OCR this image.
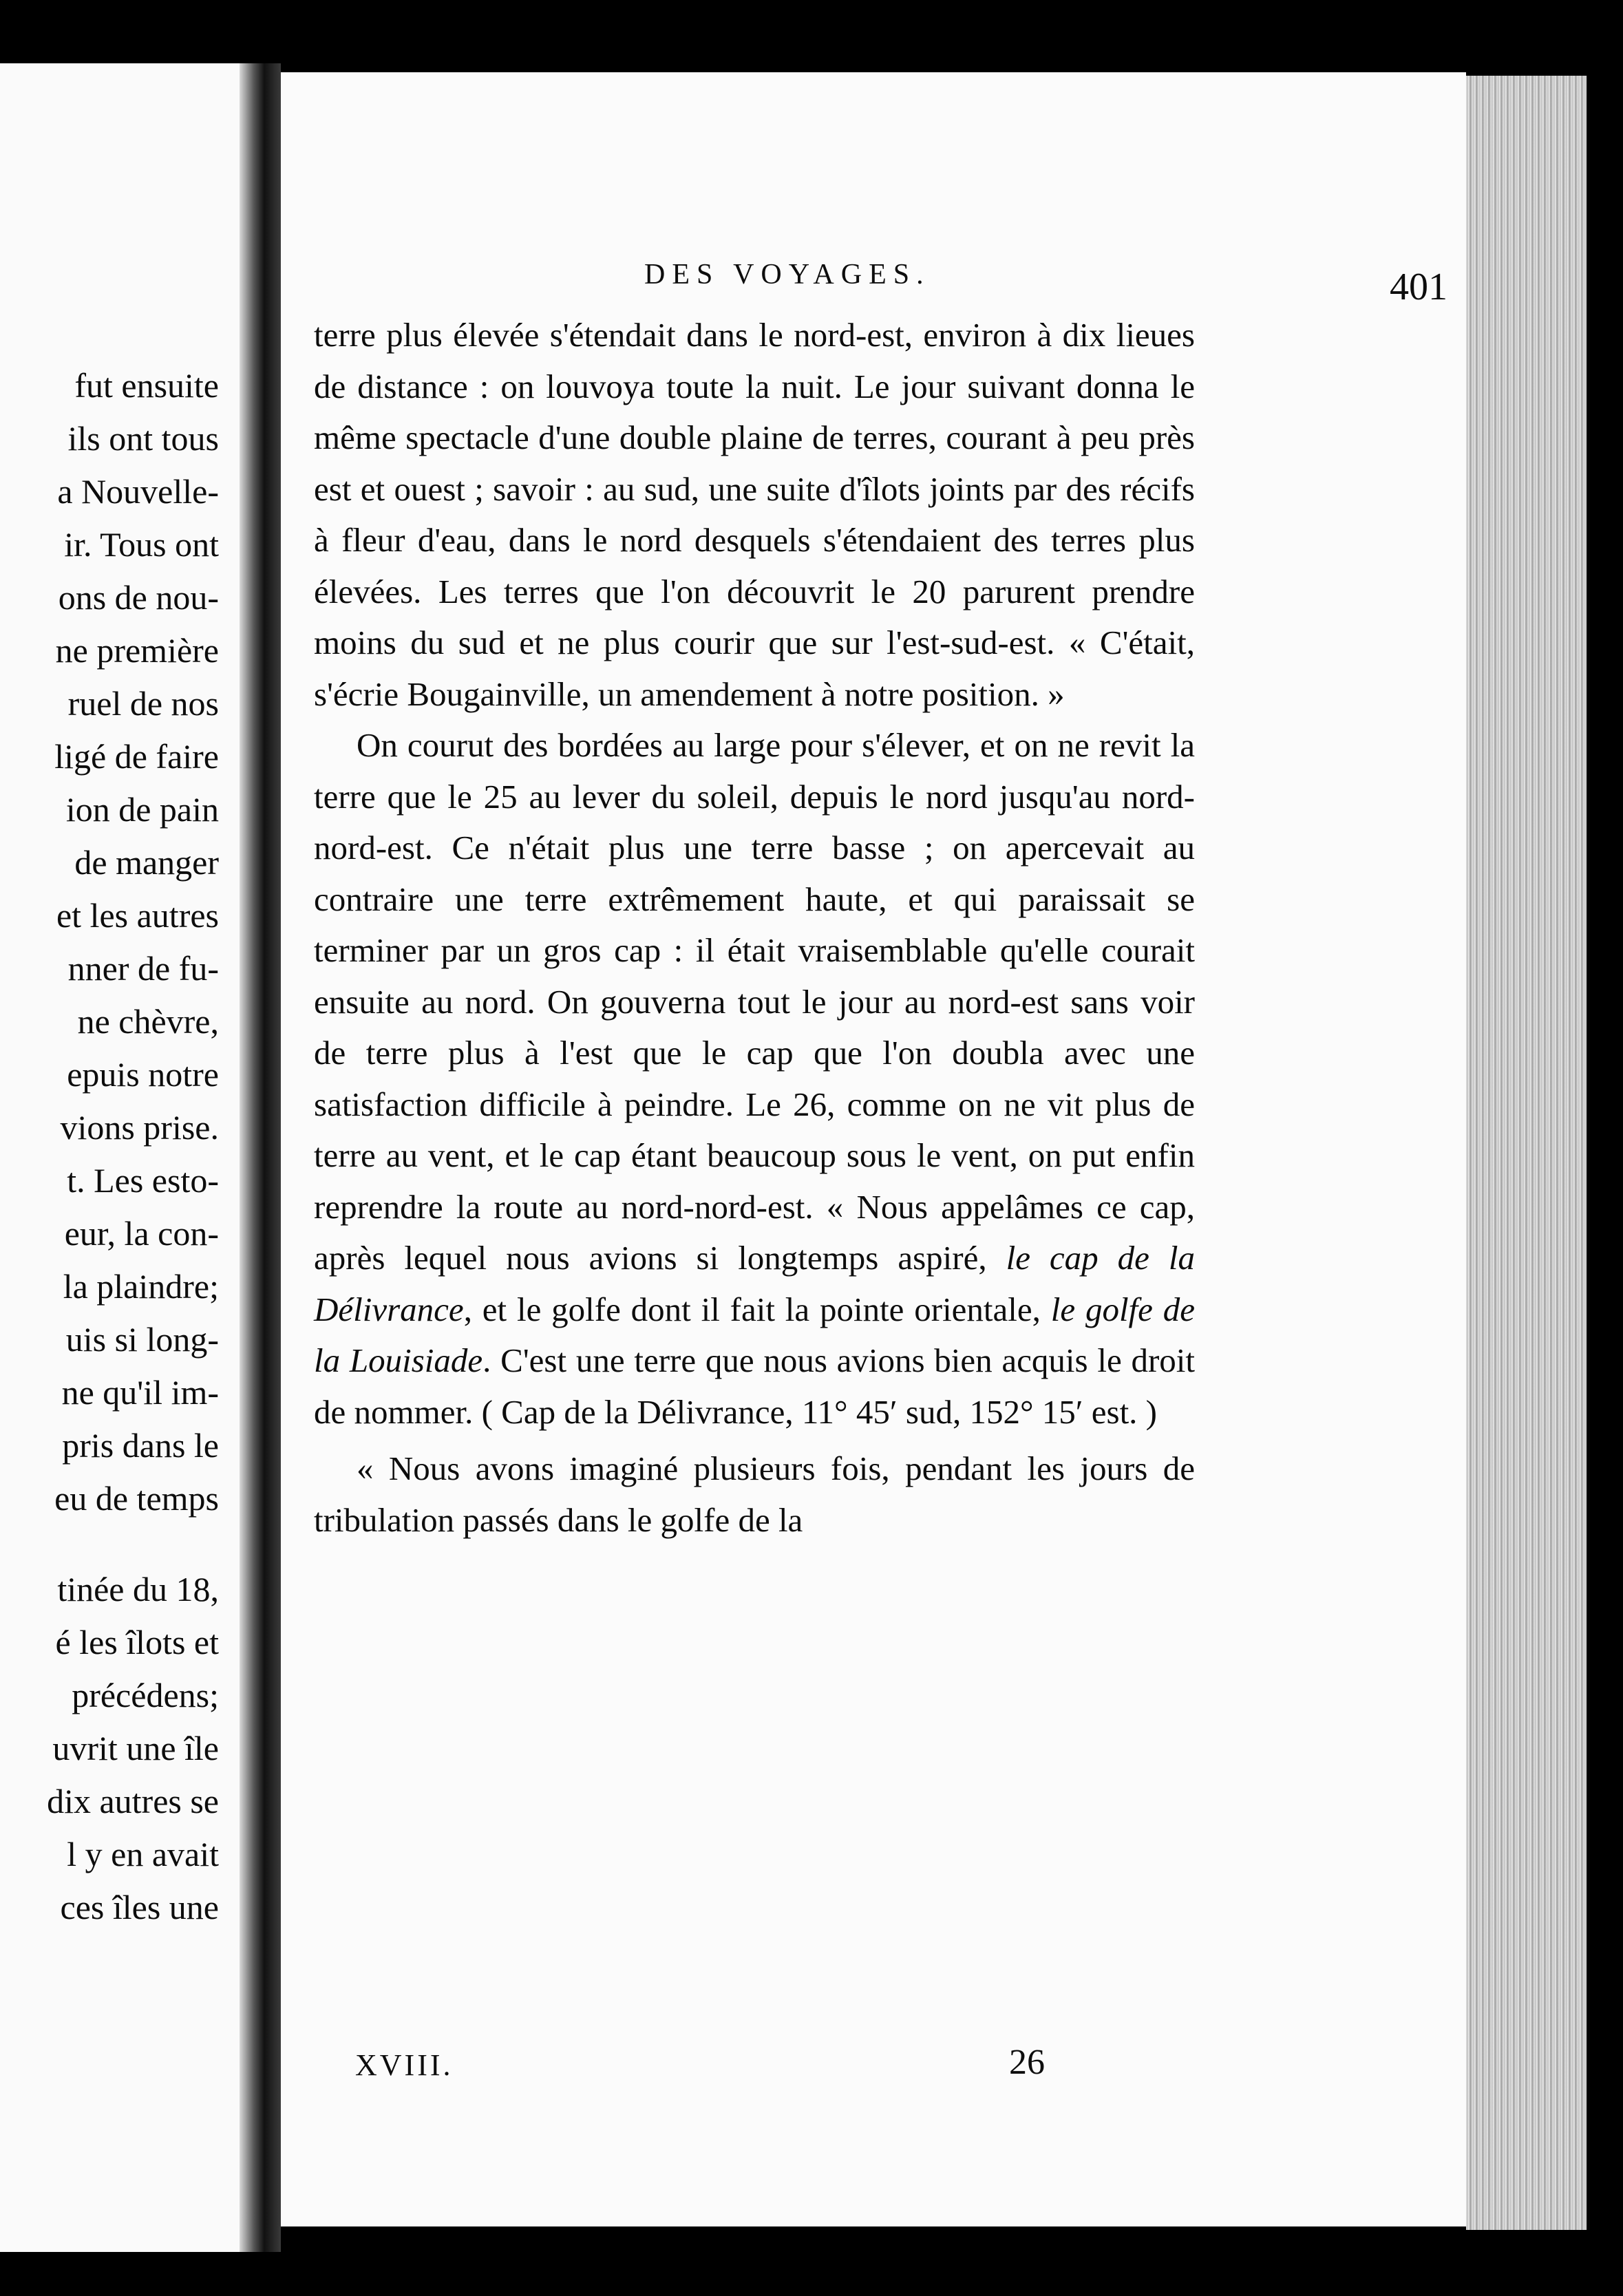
fut ensuite
ils ont tous
a Nouvelle-
ir. Tous ont
ons de nou-
ne première
ruel de nos
ligé de faire
ion de pain
de manger
et les autres
nner de fu-
ne chèvre,
epuis notre
vions prise.
t. Les esto-
eur, la con-
la plaindre;
uis si long-
ne qu'il im-
pris dans le
eu de temps
tinée du 18,
é les îlots et
précédens;
uvrit une île
dix autres se
l y en avait
ces îles une
DES VOYAGES.	401

terre plus élevée s'étendait dans le nord-est, environ à dix lieues de distance : on louvoya toute la nuit. Le jour suivant donna le même spectacle d'une double plaine de terres, courant à peu près est et ouest ; savoir : au sud, une suite d'îlots joints par des récifs à fleur d'eau, dans le nord desquels s'étendaient des terres plus élevées. Les terres que l'on découvrit le 20 parurent prendre moins du sud et ne plus courir que sur l'est-sud-est. « C'était, s'écrie Bougainville, un amendement à notre position. »

On courut des bordées au large pour s'élever, et on ne revit la terre que le 25 au lever du soleil, depuis le nord jusqu'au nord-nord-est. Ce n'était plus une terre basse ; on apercevait au contraire une terre extrêmement haute, et qui paraissait se terminer par un gros cap : il était vraisemblable qu'elle courait ensuite au nord. On gouverna tout le jour au nord-est sans voir de terre plus à l'est que le cap que l'on doubla avec une satisfaction difficile à peindre. Le 26, comme on ne vit plus de terre au vent, et le cap étant beaucoup sous le vent, on put enfin reprendre la route au nord-nord-est. « Nous appelâmes ce cap, après lequel nous avions si longtemps aspiré, le cap de la Délivrance, et le golfe dont il fait la pointe orientale, le golfe de la Louisiade. C'est une terre que nous avions bien acquis le droit de nommer. ( Cap de la Délivrance, 11° 45′ sud, 152° 15′ est. )

« Nous avons imaginé plusieurs fois, pendant les jours de tribulation passés dans le golfe de la

XVIII.	26
